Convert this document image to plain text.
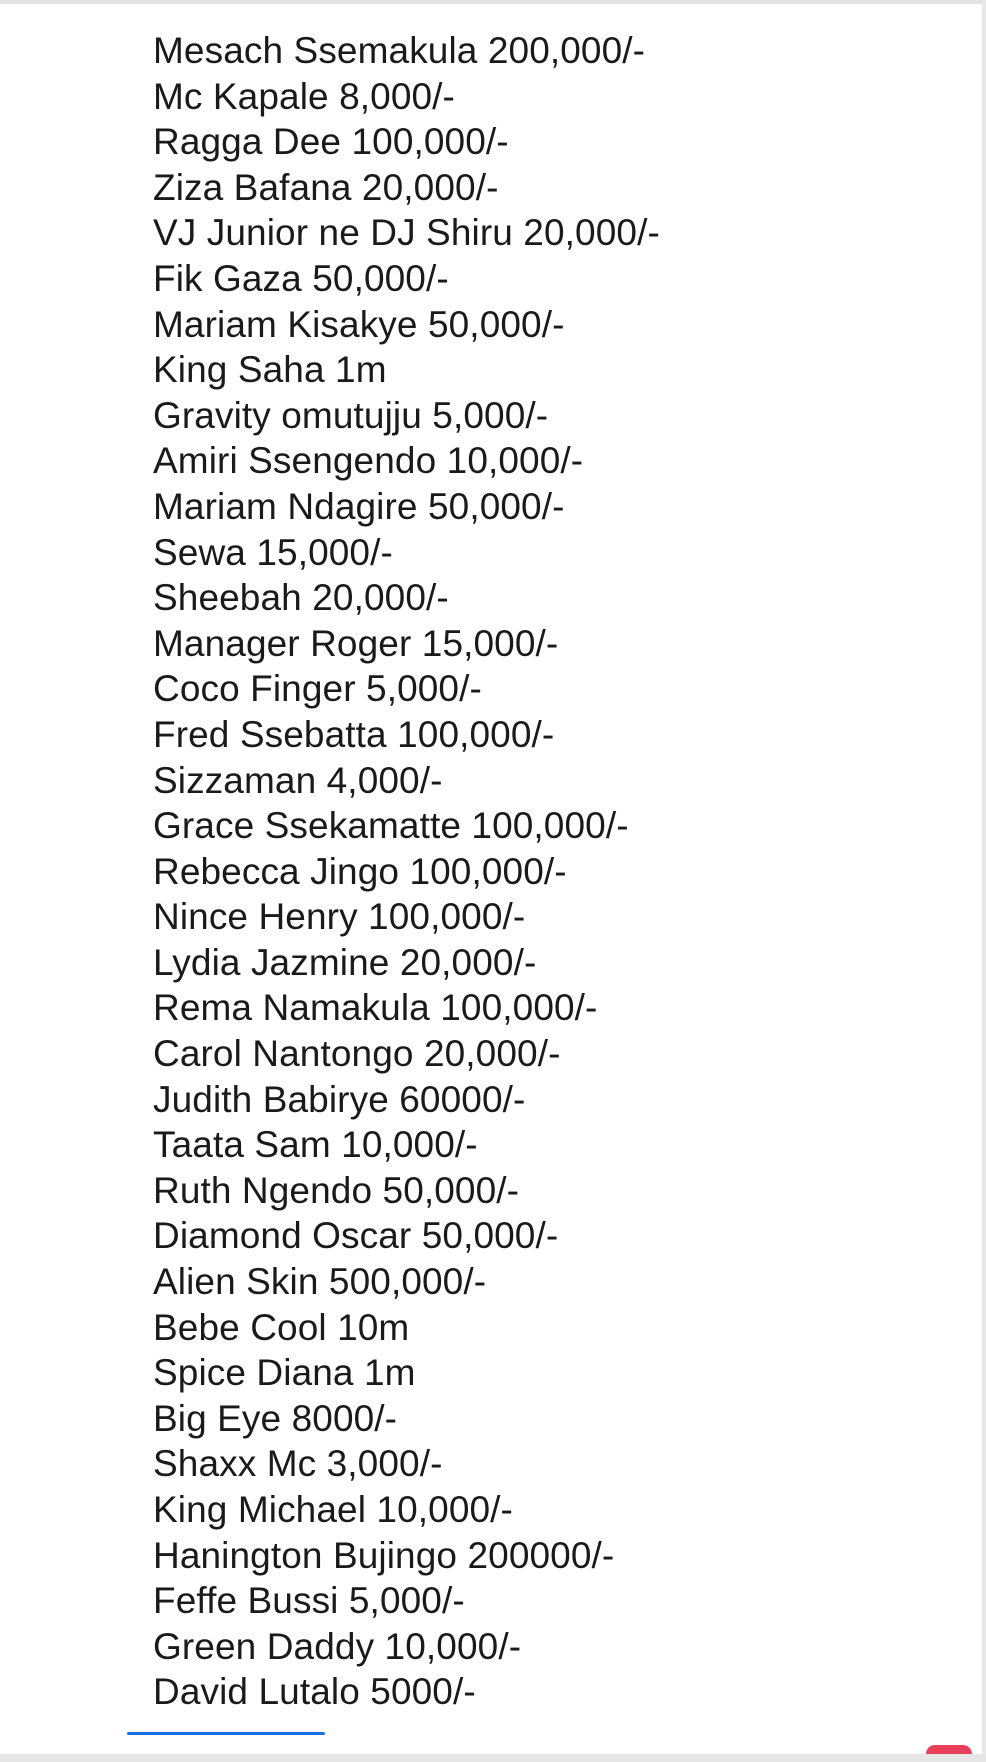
Mesach Ssemakula 200,000/-
Mc Kapale 8,000/-
Ragga Dee 100,000/-
Ziza Bafana 20,000/-
VJ Junior ne DJ Shiru 20,000/-
Fik Gaza 50,000/-
Mariam Kisakye 50,000/-
King Saha 1m
Gravity omutujju 5,000/-
Amiri Ssengendo 10,000/-
Mariam Ndagire 50,000/-
Sewa 15,000/-
Sheebah 20,000/-
Manager Roger 15,000/-
Coco Finger 5,000/-
Fred Ssebatta 100,000/-
Sizzaman 4,000/-
Grace Ssekamatte 100,000/-
Rebecca Jingo 100,000/-
Nince Henry 100,000/-
Lydia Jazmine 20,000/-
Rema Namakula 100,000/-
Carol Nantongo 20,000/-
Judith Babirye 60000/-
Taata Sam 10,000/-
Ruth Ngendo 50,000/-
Diamond Oscar 50,000/-
Alien Skin 500,000/-
Bebe Cool 10m
Spice Diana 1m
Big Eye 8000/-
Shaxx Mc 3,000/-
King Michael 10,000/-
Hanington Bujingo 200000/-
Feffe Bussi 5,000/-
Green Daddy 10,000/-
David Lutalo 5000/-
